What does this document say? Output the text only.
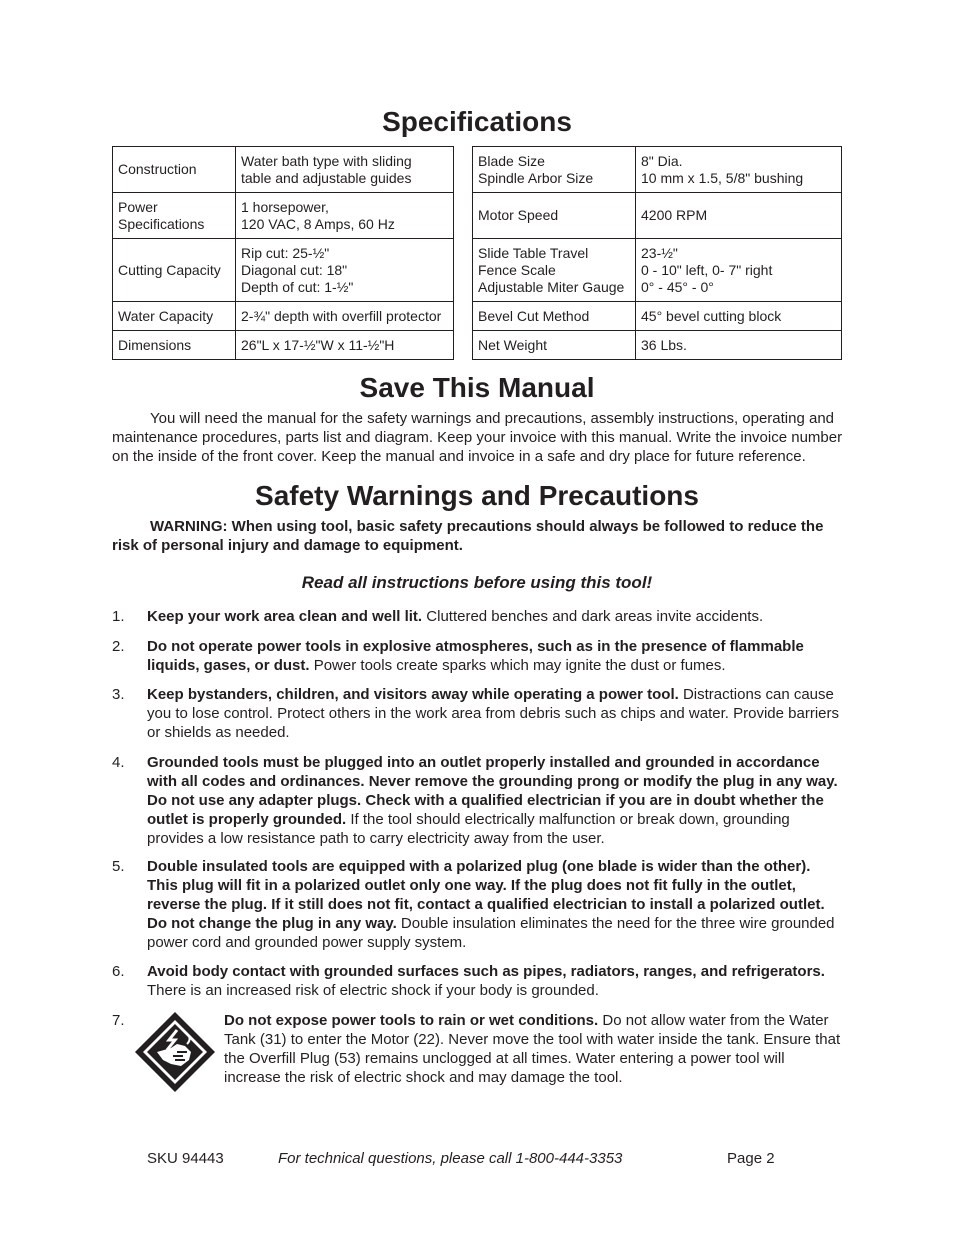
Specifications
Construction	Water bath type with sliding
table and adjustable guides
Power
Specifications	1 horsepower,
120 VAC, 8 Amps, 60 Hz
Cutting Capacity	Rip cut: 25-½"
Diagonal cut: 18"
Depth of cut: 1-½"
Water Capacity	2-¾" depth with overfill protector
Dimensions	26"L x 17-½"W x 11-½"H
Blade Size
Spindle Arbor Size	8" Dia.
10 mm x 1.5, 5/8" bushing
Motor Speed	4200 RPM
Slide Table Travel
Fence Scale
Adjustable Miter Gauge	23-½"
0 - 10" left, 0- 7" right
0° - 45° - 0°
Bevel Cut Method	45° bevel cutting block
Net Weight	36 Lbs.
Save This Manual
You will need the manual for the safety warnings and precautions, assembly instructions, operating and maintenance procedures, parts list and diagram. Keep your invoice with this manual. Write the invoice number on the inside of the front cover. Keep the manual and invoice in a safe and dry place for future reference.
Safety Warnings and Precautions
WARNING: When using tool, basic safety precautions should always be followed to reduce the risk of personal injury and damage to equipment.
Read all instructions before using this tool!
1. Keep your work area clean and well lit. Cluttered benches and dark areas invite accidents.
2. Do not operate power tools in explosive atmospheres, such as in the presence of flammable liquids, gases, or dust. Power tools create sparks which may ignite the dust or fumes.
3. Keep bystanders, children, and visitors away while operating a power tool. Distractions can cause you to lose control. Protect others in the work area from debris such as chips and water. Provide barriers or shields as needed.
4. Grounded tools must be plugged into an outlet properly installed and grounded in accordance with all codes and ordinances. Never remove the grounding prong or modify the plug in any way. Do not use any adapter plugs. Check with a qualified electrician if you are in doubt whether the outlet is properly grounded. If the tool should electrically malfunction or break down, grounding provides a low resistance path to carry electricity away from the user.
5. Double insulated tools are equipped with a polarized plug (one blade is wider than the other). This plug will fit in a polarized outlet only one way. If the plug does not fit fully in the outlet, reverse the plug. If it still does not fit, contact a qualified electrician to install a polarized outlet. Do not change the plug in any way. Double insulation eliminates the need for the three wire grounded power cord and grounded power supply system.
6. Avoid body contact with grounded surfaces such as pipes, radiators, ranges, and refrigerators. There is an increased risk of electric shock if your body is grounded.
7.	Do not expose power tools to rain or wet conditions. Do not allow water from the Water Tank (31) to enter the Motor (22). Never move the tool with water inside the tank. Ensure that the Overfill Plug (53) remains unclogged at all times. Water entering a power tool will increase the risk of electric shock and may damage the tool.
SKU 94443	For technical questions, please call 1-800-444-3353	Page 2
